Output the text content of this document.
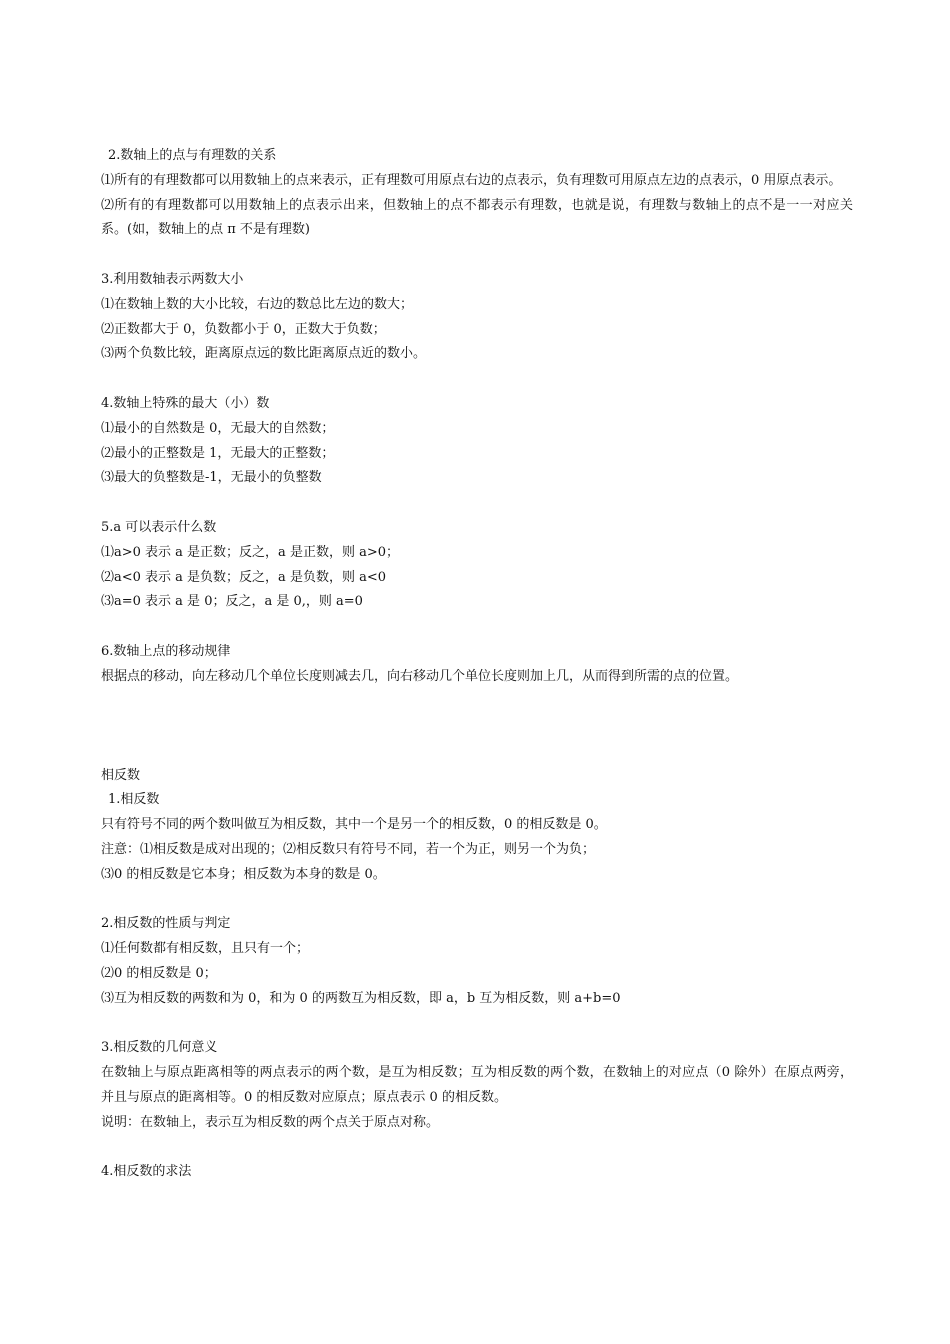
2.数轴上的点与有理数的关系
⑴所有的有理数都可以用数轴上的点来表示，正有理数可用原点右边的点表示，负有理数可用原点左边的点表示，0 用原点表示。
⑵所有的有理数都可以用数轴上的点表示出来，但数轴上的点不都表示有理数，也就是说，有理数与数轴上的点不是一一对应关系。(如，数轴上的点 π 不是有理数)
3.利用数轴表示两数大小
⑴在数轴上数的大小比较，右边的数总比左边的数大；
⑵正数都大于 0，负数都小于 0，正数大于负数；
⑶两个负数比较，距离原点远的数比距离原点近的数小。
4.数轴上特殊的最大（小）数
⑴最小的自然数是 0，无最大的自然数；
⑵最小的正整数是 1，无最大的正整数；
⑶最大的负整数是-1，无最小的负整数
5.a 可以表示什么数
⑴a>0 表示 a 是正数；反之，a 是正数，则 a>0；
⑵a<0 表示 a 是负数；反之，a 是负数，则 a<0
⑶a=0 表示 a 是 0；反之，a 是 0,，则 a=0
6.数轴上点的移动规律
根据点的移动，向左移动几个单位长度则减去几，向右移动几个单位长度则加上几，从而得到所需的点的位置。
相反数
1.相反数
只有符号不同的两个数叫做互为相反数，其中一个是另一个的相反数，0 的相反数是 0。
注意：⑴相反数是成对出现的；⑵相反数只有符号不同，若一个为正，则另一个为负；
⑶0 的相反数是它本身；相反数为本身的数是 0。
2.相反数的性质与判定
⑴任何数都有相反数，且只有一个；
⑵0 的相反数是 0；
⑶互为相反数的两数和为 0，和为 0 的两数互为相反数，即 a，b 互为相反数，则 a+b=0
3.相反数的几何意义
在数轴上与原点距离相等的两点表示的两个数，是互为相反数；互为相反数的两个数，在数轴上的对应点（0 除外）在原点两旁，并且与原点的距离相等。0 的相反数对应原点；原点表示 0 的相反数。
说明：在数轴上，表示互为相反数的两个点关于原点对称。
4.相反数的求法
